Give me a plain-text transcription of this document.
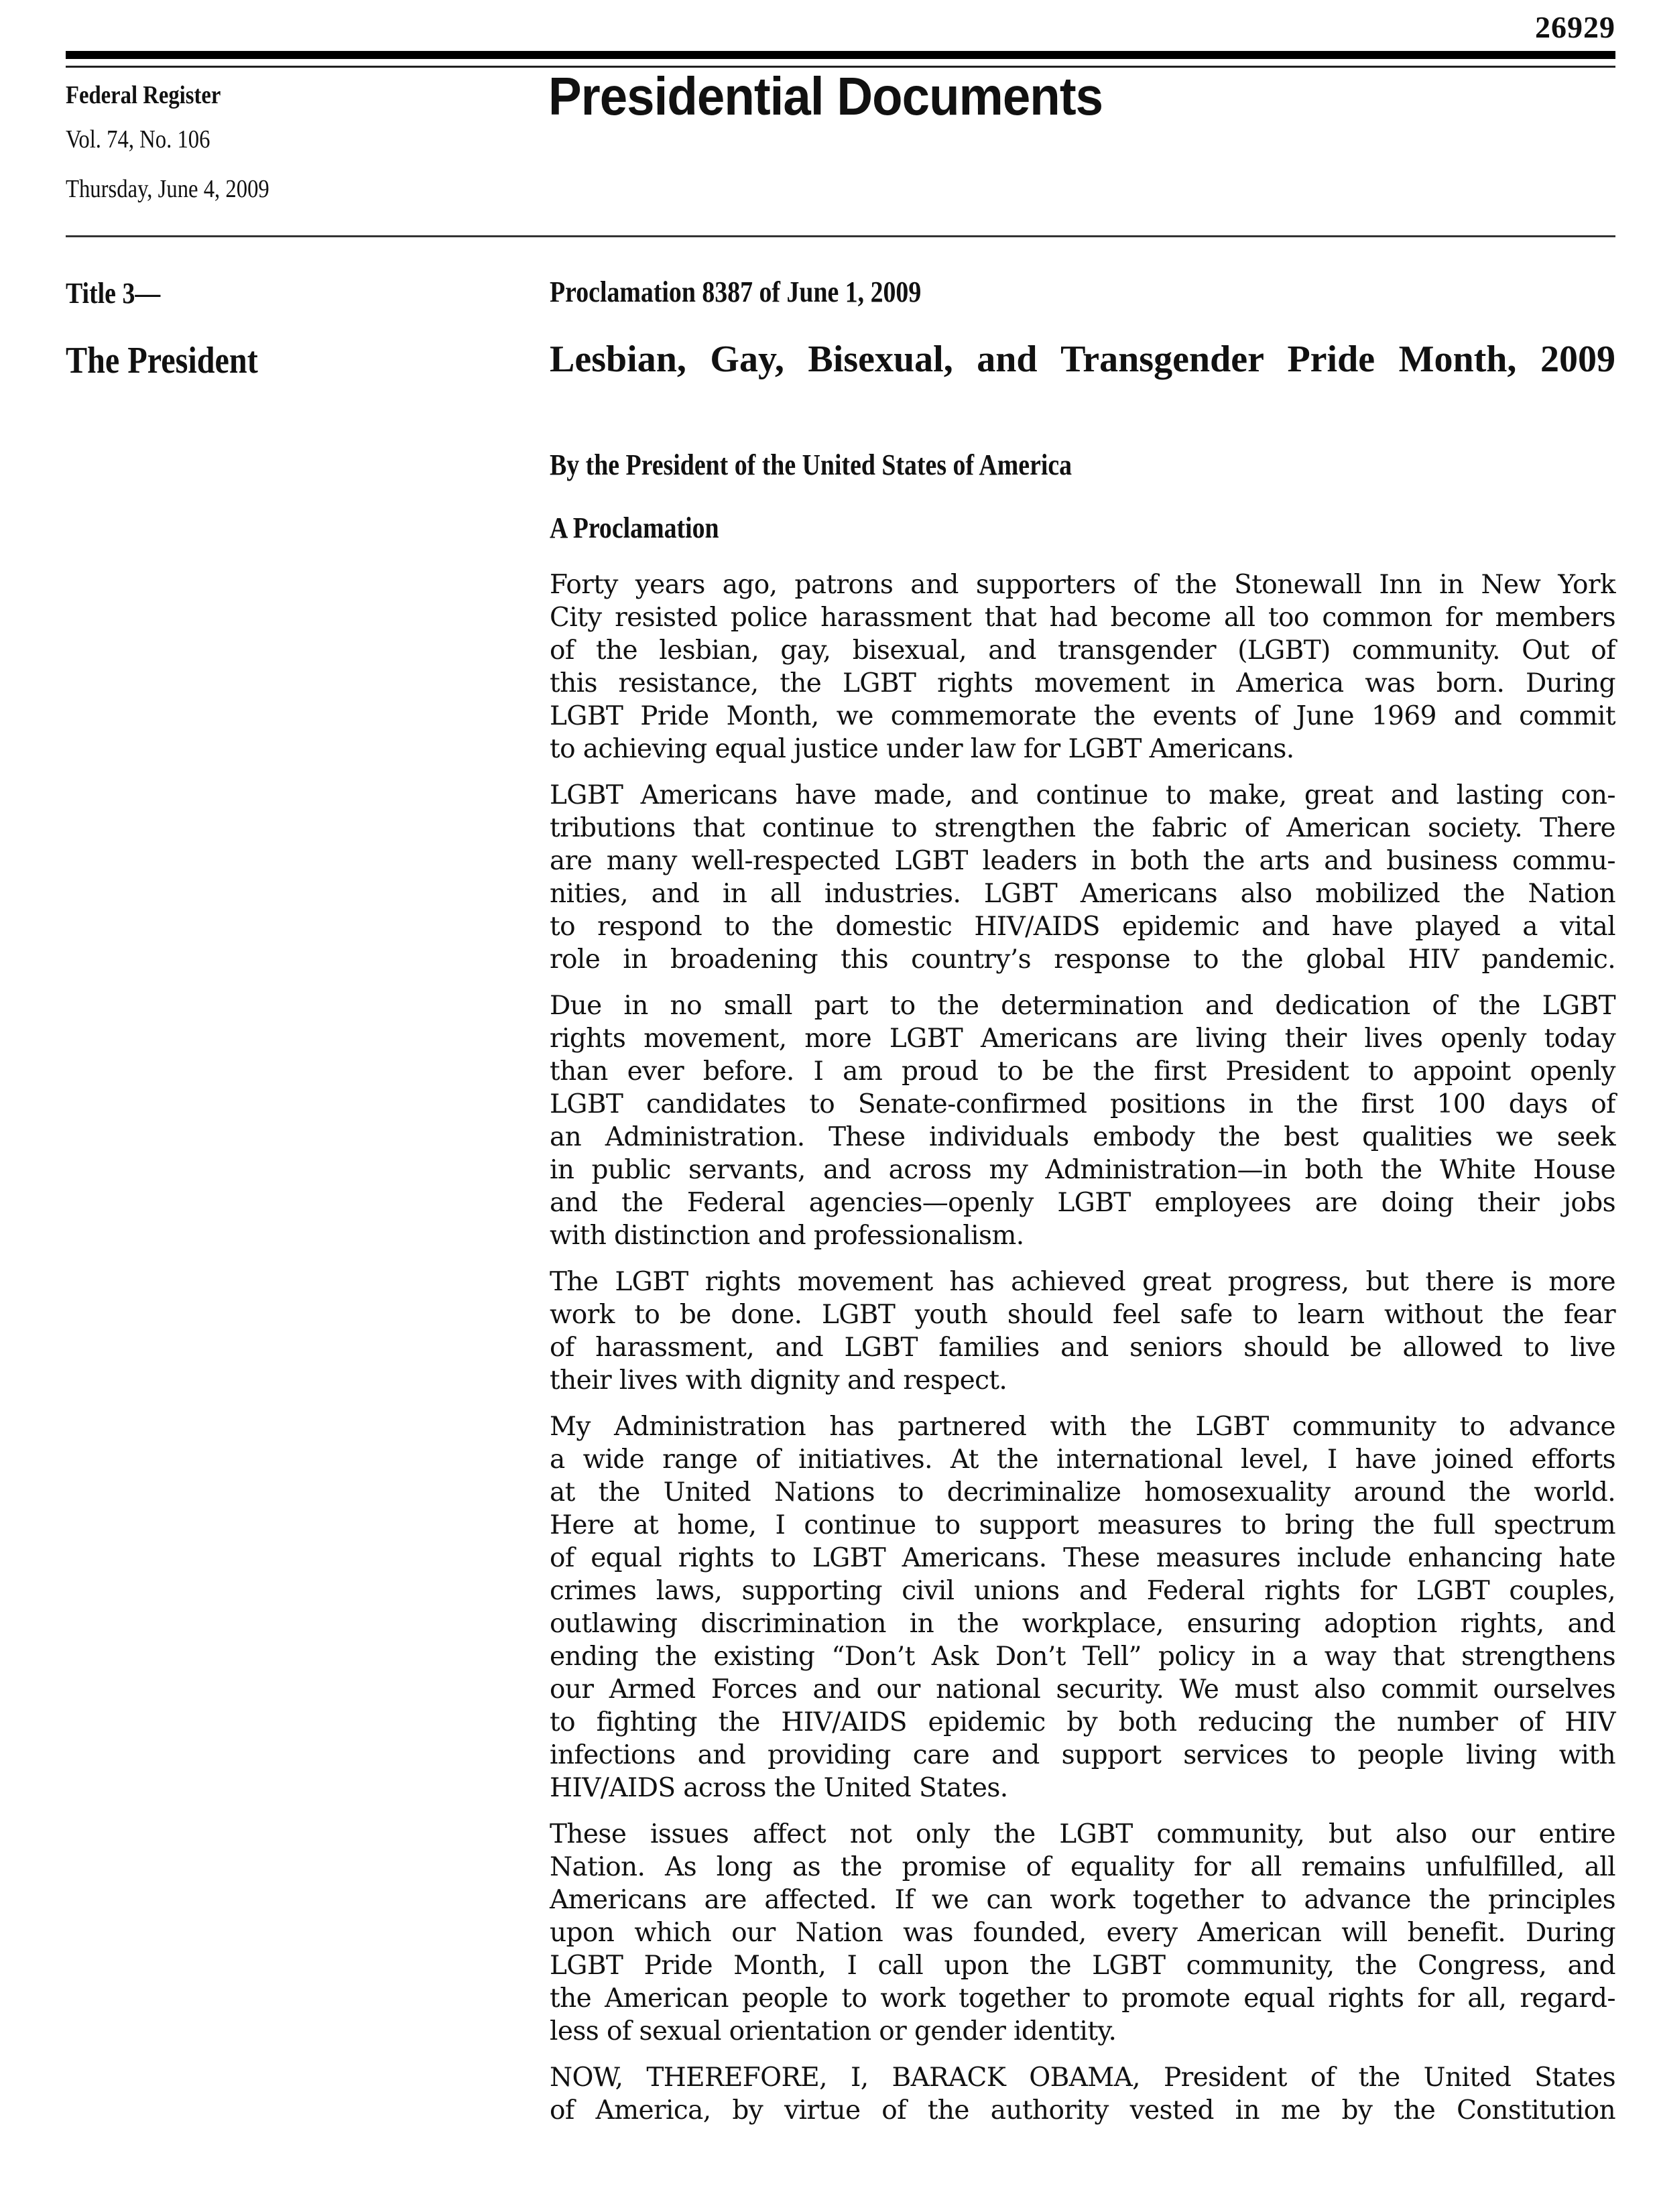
26929
Federal Register
Vol. 74, No. 106
Thursday, June 4, 2009
Presidential Documents
Title 3—
The President
Proclamation 8387 of June 1, 2009
Lesbian, Gay, Bisexual, and Transgender Pride Month, 2009
By the President of the United States of America
A Proclamation
Forty years ago, patrons and supporters of the Stonewall Inn in New York
City resisted police harassment that had become all too common for members
of the lesbian, gay, bisexual, and transgender (LGBT) community. Out of
this resistance, the LGBT rights movement in America was born. During
LGBT Pride Month, we commemorate the events of June 1969 and commit
to achieving equal justice under law for LGBT Americans.
LGBT Americans have made, and continue to make, great and lasting con-
tributions that continue to strengthen the fabric of American society. There
are many well-respected LGBT leaders in both the arts and business commu-
nities, and in all industries. LGBT Americans also mobilized the Nation
to respond to the domestic HIV/AIDS epidemic and have played a vital
role in broadening this country’s response to the global HIV pandemic.
Due in no small part to the determination and dedication of the LGBT
rights movement, more LGBT Americans are living their lives openly today
than ever before. I am proud to be the first President to appoint openly
LGBT candidates to Senate-confirmed positions in the first 100 days of
an Administration. These individuals embody the best qualities we seek
in public servants, and across my Administration—in both the White House
and the Federal agencies—openly LGBT employees are doing their jobs
with distinction and professionalism.
The LGBT rights movement has achieved great progress, but there is more
work to be done. LGBT youth should feel safe to learn without the fear
of harassment, and LGBT families and seniors should be allowed to live
their lives with dignity and respect.
My Administration has partnered with the LGBT community to advance
a wide range of initiatives. At the international level, I have joined efforts
at the United Nations to decriminalize homosexuality around the world.
Here at home, I continue to support measures to bring the full spectrum
of equal rights to LGBT Americans. These measures include enhancing hate
crimes laws, supporting civil unions and Federal rights for LGBT couples,
outlawing discrimination in the workplace, ensuring adoption rights, and
ending the existing “Don’t Ask Don’t Tell” policy in a way that strengthens
our Armed Forces and our national security. We must also commit ourselves
to fighting the HIV/AIDS epidemic by both reducing the number of HIV
infections and providing care and support services to people living with
HIV/AIDS across the United States.
These issues affect not only the LGBT community, but also our entire
Nation. As long as the promise of equality for all remains unfulfilled, all
Americans are affected. If we can work together to advance the principles
upon which our Nation was founded, every American will benefit. During
LGBT Pride Month, I call upon the LGBT community, the Congress, and
the American people to work together to promote equal rights for all, regard-
less of sexual orientation or gender identity.
NOW, THEREFORE, I, BARACK OBAMA, President of the United States
of America, by virtue of the authority vested in me by the Constitution
